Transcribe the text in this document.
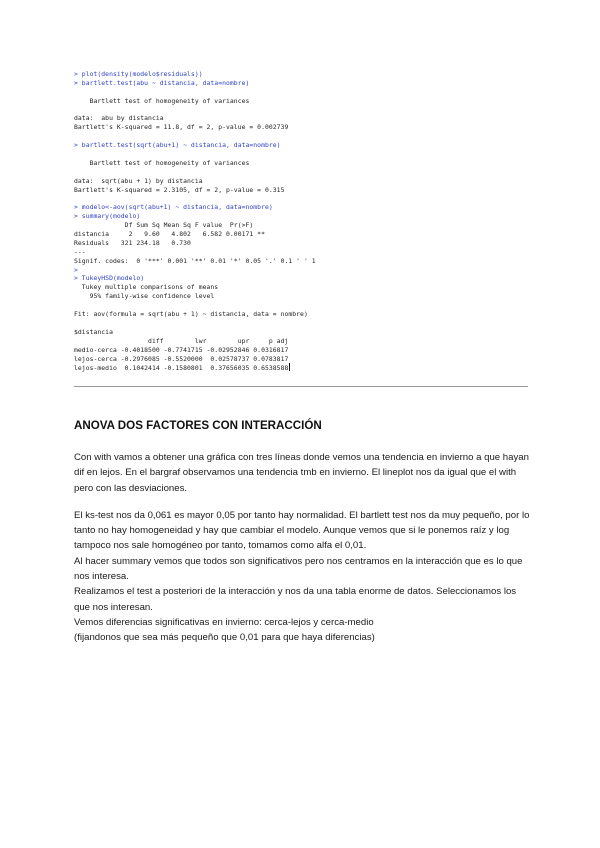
> plot(density(modelo$residuals))
> bartlett.test(abu ~ distancia, data=nombre)
Bartlett test of homogeneity of variances
data:  abu by distancia
Bartlett's K-squared = 11.8, df = 2, p-value = 0.002739
> bartlett.test(sqrt(abu+1) ~ distancia, data=nombre)
Bartlett test of homogeneity of variances
data:  sqrt(abu + 1) by distancia
Bartlett's K-squared = 2.3105, df = 2, p-value = 0.315
> modelo<-aov(sqrt(abu+1) ~ distancia, data=nombre)
> summary(modelo)
Df Sum Sq Mean Sq F value  Pr(>F)
distancia     2   9.60   4.802   6.582 0.00171 **
Residuals   321 234.18   0.730
---
Signif. codes:  0 '***' 0.001 '**' 0.01 '*' 0.05 '.' 0.1 ' ' 1
>
> TukeyHSD(modelo)
Tukey multiple comparisons of means
95% family-wise confidence level
Fit: aov(formula = sqrt(abu + 1) ~ distancia, data = nombre)
$distancia
diff        lwr        upr     p adj
medio-cerca -0.4018500 -0.7741715 -0.02952846 0.0316817
lejos-cerca -0.2976085 -0.5520000  0.02578737 0.0783817
lejos-medio  0.1042414 -0.1580801  0.37656035 0.6538588
ANOVA DOS FACTORES CON INTERACCIÓN

Con with vamos a obtener una gráfica con tres líneas donde vemos una tendencia en invierno a que hayan dif en lejos. En el bargraf observamos una tendencia tmb en invierno. El lineplot nos da igual que el with pero con las desviaciones.

El ks-test nos da 0,061 es mayor 0,05 por tanto hay normalidad. El bartlett test nos da muy pequeño, por lo tanto no hay homogeneidad y hay que cambiar el modelo. Aunque vemos que si le ponemos raíz y log tampoco nos sale homogéneo por tanto, tomamos como alfa el 0,01.

Al hacer summary vemos que todos son significativos pero nos centramos en la interacción que es lo que nos interesa.

Realizamos el test a posteriori de la interacción y nos da una tabla enorme de datos. Seleccionamos los que nos interesan.

Vemos diferencias significativas en invierno: cerca-lejos y cerca-medio

(fijandonos que sea más pequeño que 0,01 para que haya diferencias)
